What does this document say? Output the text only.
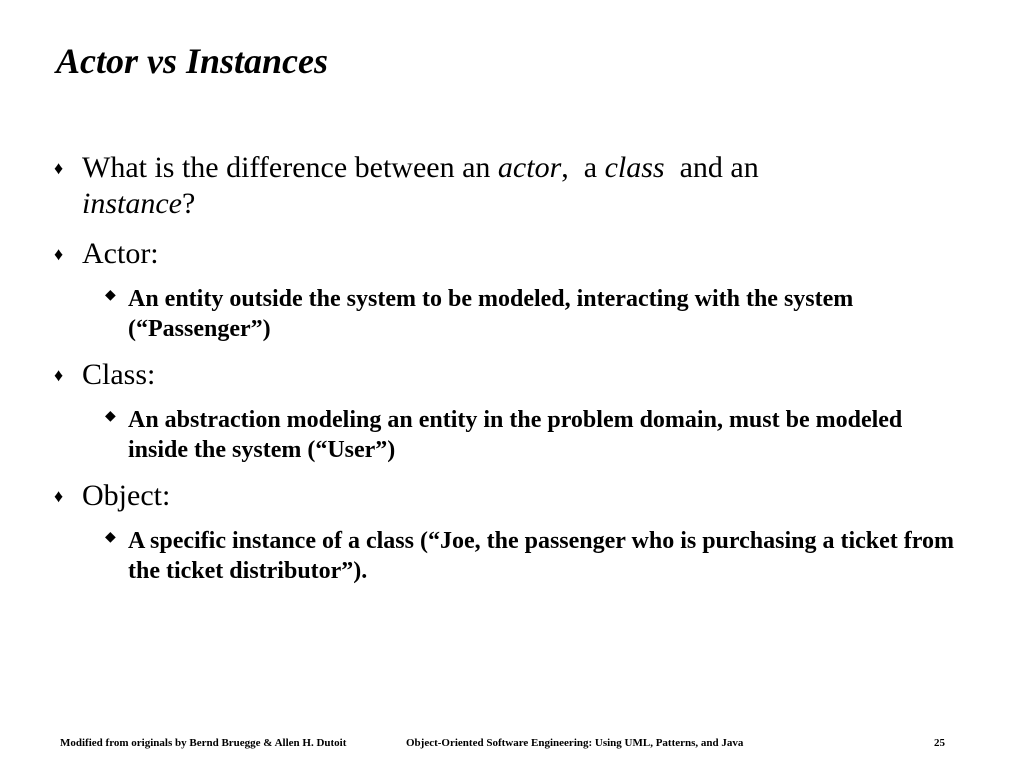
Actor vs Instances
♦ What is the difference between an actor,  a class  and an
instance?
♦ Actor:
◆ An entity outside the system to be modeled, interacting with the system (“Passenger”)
♦ Class:
◆ An abstraction modeling an entity in the problem domain, must be modeled inside the system (“User”)
♦ Object:
◆ A specific instance of a class (“Joe, the passenger who is purchasing a ticket from the ticket distributor”).
Modified from originals by Bernd Bruegge & Allen H. Dutoit	Object-Oriented Software Engineering: Using UML, Patterns, and Java	25
